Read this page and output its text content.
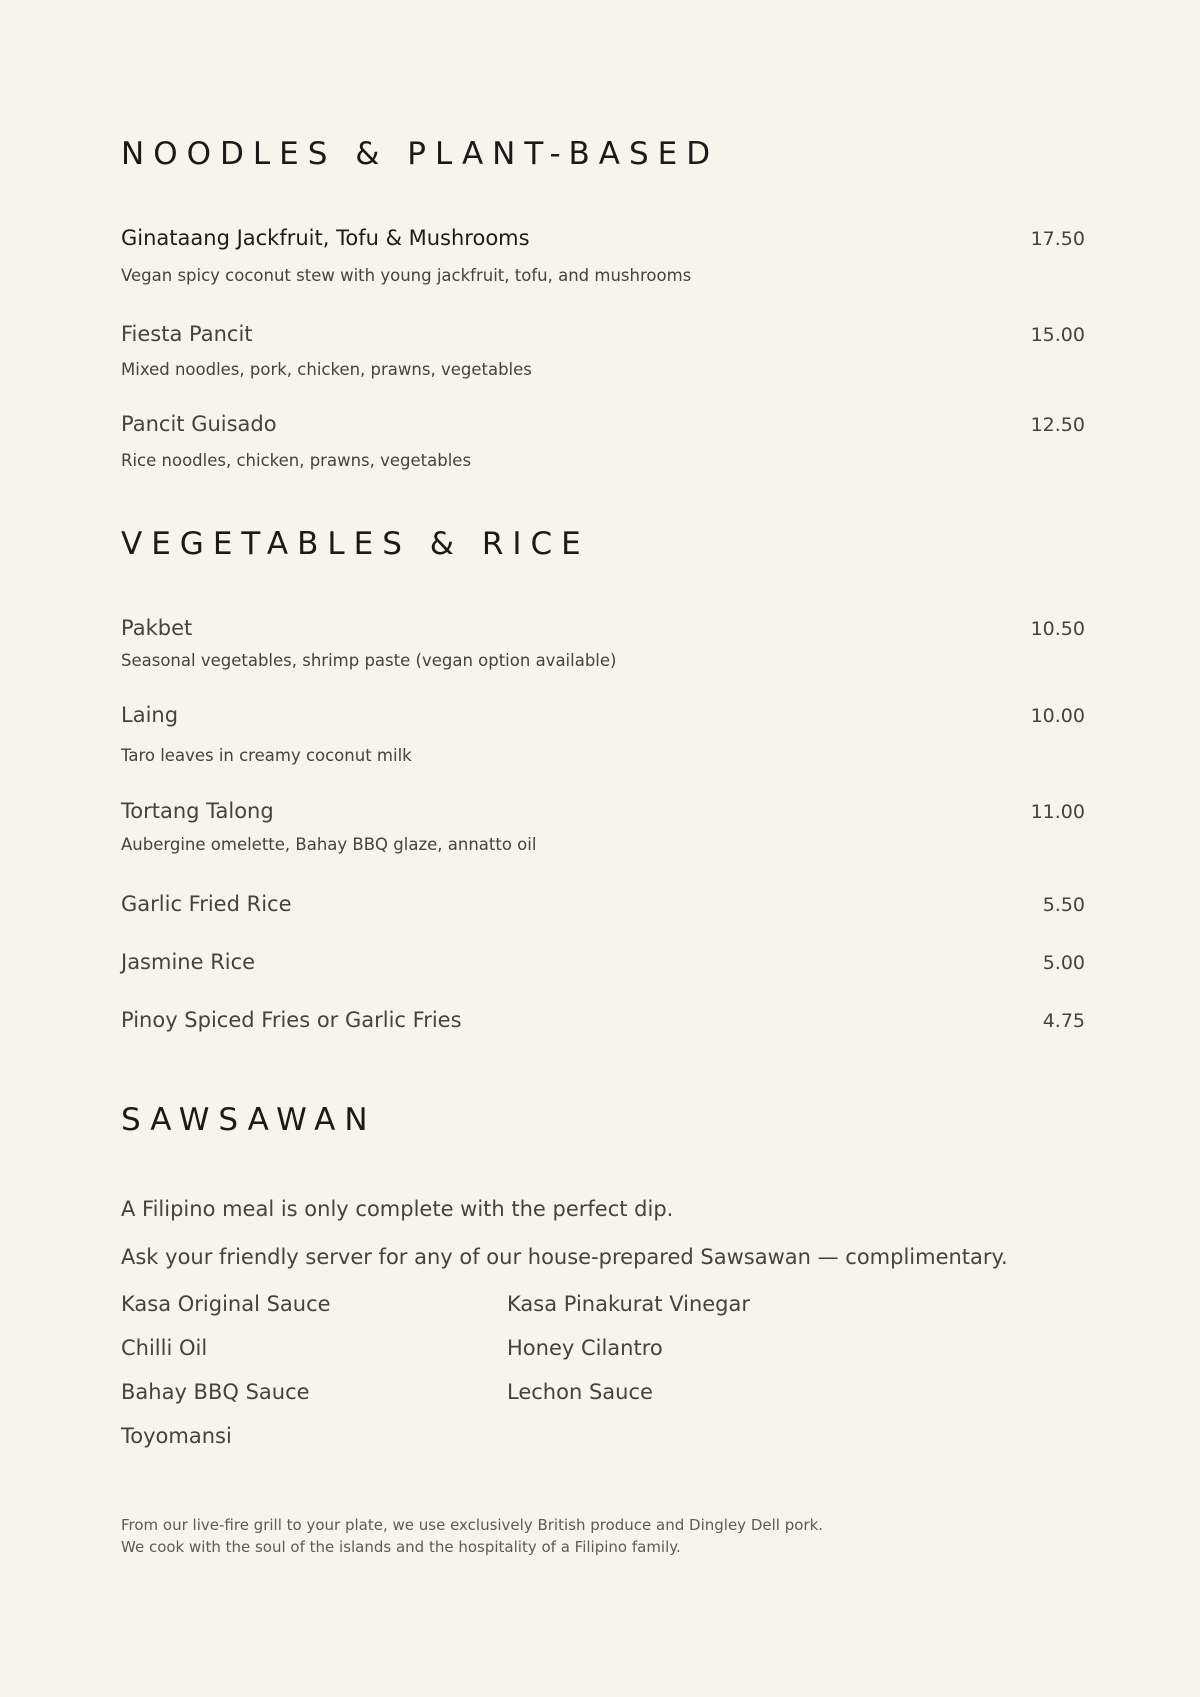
NOODLES & PLANT-BASED
Ginataang Jackfruit, Tofu & Mushrooms	17.50
Vegan spicy coconut stew with young jackfruit, tofu, and mushrooms
Fiesta Pancit	15.00
Mixed noodles, pork, chicken, prawns, vegetables
Pancit Guisado	12.50
Rice noodles, chicken, prawns, vegetables
VEGETABLES & RICE
Pakbet	10.50
Seasonal vegetables, shrimp paste (vegan option available)
Laing	10.00
Taro leaves in creamy coconut milk
Tortang Talong	11.00
Aubergine omelette, Bahay BBQ glaze, annatto oil
Garlic Fried Rice	5.50
Jasmine Rice	5.00
Pinoy Spiced Fries or Garlic Fries	4.75
SAWSAWAN

A Filipino meal is only complete with the perfect dip.

Ask your friendly server for any of our house-prepared Sawsawan — complimentary.

Kasa Original Sauce
Chilli Oil
Bahay BBQ Sauce
Toyomansi
Kasa Pinakurat Vinegar
Honey Cilantro
Lechon Sauce

From our live-fire grill to your plate, we use exclusively British produce and Dingley Dell pork.

We cook with the soul of the islands and the hospitality of a Filipino family.
